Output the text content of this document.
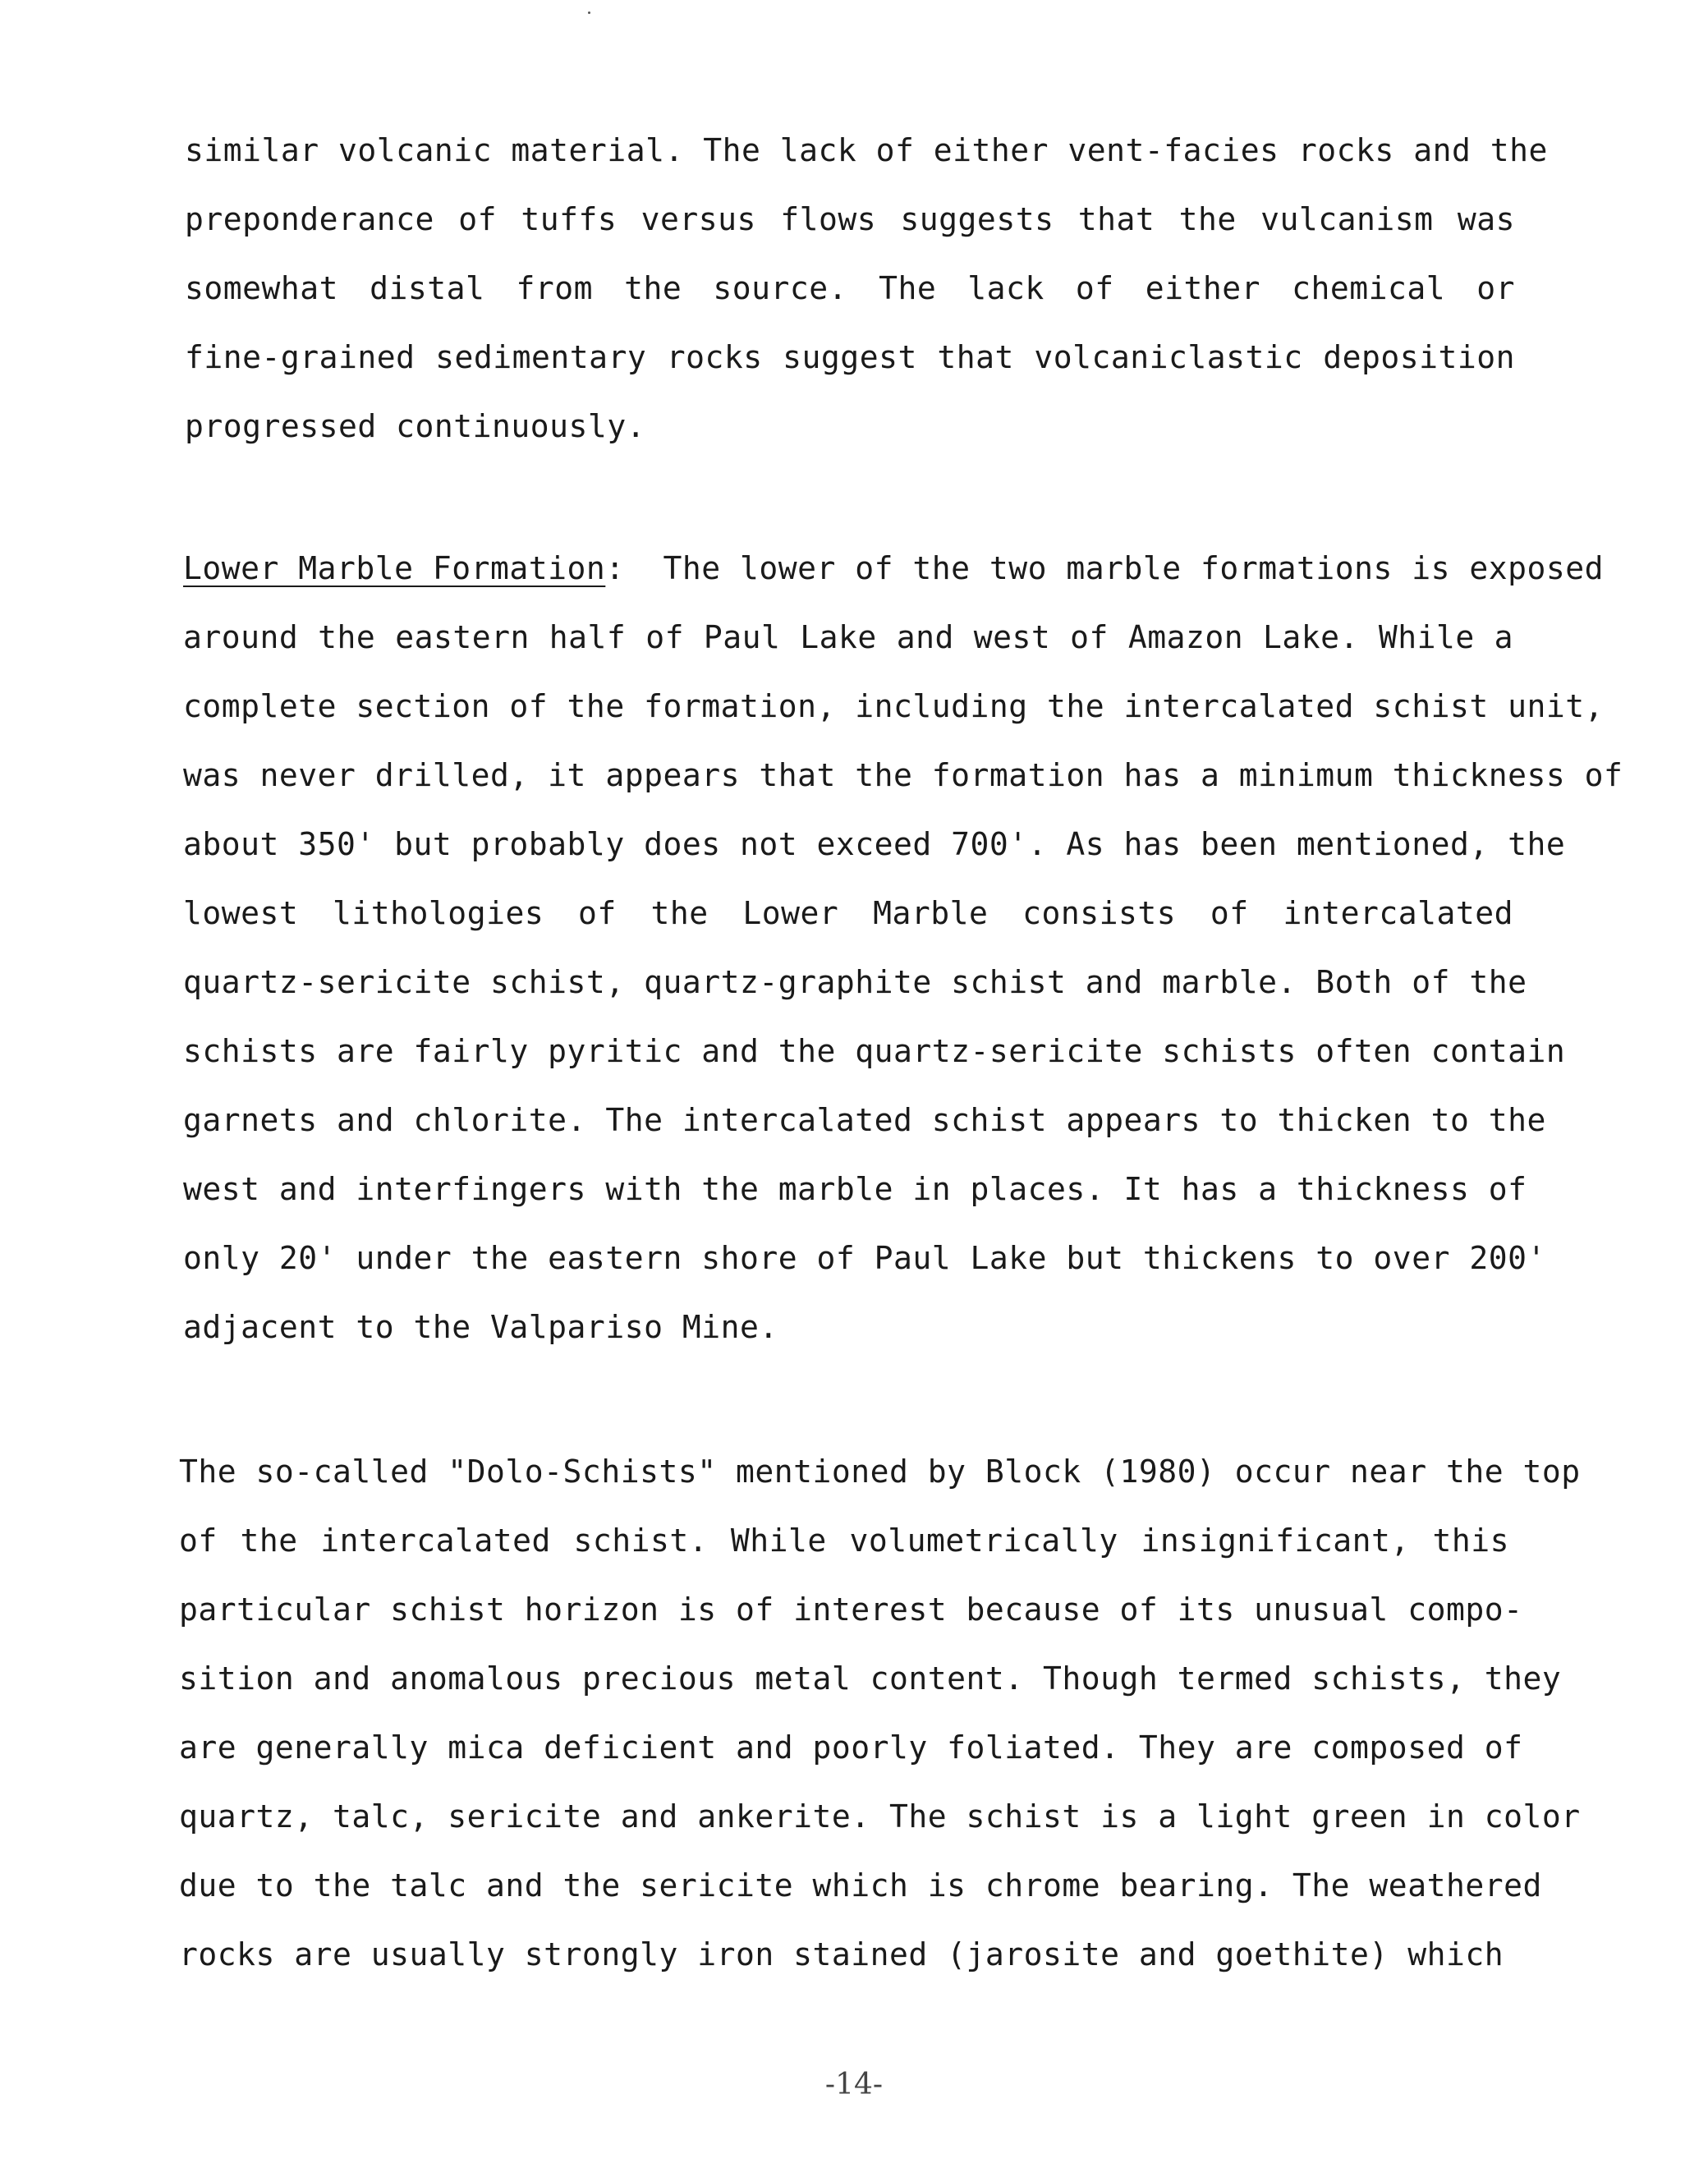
similar volcanic material. The lack of either vent-facies rocks and the
preponderance of tuffs versus flows suggests that the vulcanism was
somewhat distal from the source. The lack of either chemical or
fine-grained sedimentary rocks suggest that volcaniclastic deposition
progressed continuously.
Lower Marble Formation:  The lower of the two marble formations is exposed
around the eastern half of Paul Lake and west of Amazon Lake. While a
complete section of the formation, including the intercalated schist unit,
was never drilled, it appears that the formation has a minimum thickness of
about 350' but probably does not exceed 700'. As has been mentioned, the
lowest lithologies of the Lower Marble consists of intercalated
quartz-sericite schist, quartz-graphite schist and marble. Both of the
schists are fairly pyritic and the quartz-sericite schists often contain
garnets and chlorite. The intercalated schist appears to thicken to the
west and interfingers with the marble in places. It has a thickness of
only 20' under the eastern shore of Paul Lake but thickens to over 200'
adjacent to the Valpariso Mine.
The so-called "Dolo-Schists" mentioned by Block (1980) occur near the top
of the intercalated schist. While volumetrically insignificant, this
particular schist horizon is of interest because of its unusual compo-
sition and anomalous precious metal content. Though termed schists, they
are generally mica deficient and poorly foliated. They are composed of
quartz, talc, sericite and ankerite. The schist is a light green in color
due to the talc and the sericite which is chrome bearing. The weathered
rocks are usually strongly iron stained (jarosite and goethite) which
-14-
